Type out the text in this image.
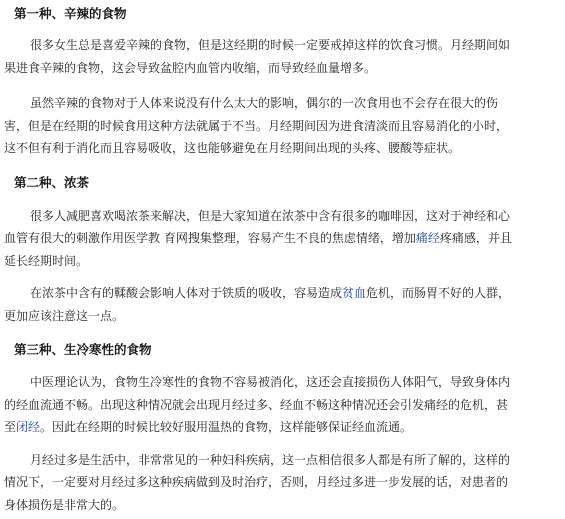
第一种、辛辣的食物

很多女生总是喜爱辛辣的食物，但是这经期的时候一定要戒掉这样的饮食习惯。月经期间如
果进食辛辣的食物，这会导致盆腔内血管内收缩，而导致经血量增多。

虽然辛辣的食物对于人体来说没有什么太大的影响，偶尔的一次食用也不会存在很大的伤
害，但是在经期的时候食用这种方法就属于不当。月经期间因为进食清淡而且容易消化的小时，
这不但有利于消化而且容易吸收，这也能够避免在月经期间出现的头疼、腰酸等症状。

第二种、浓茶

很多人减肥喜欢喝浓茶来解决，但是大家知道在浓茶中含有很多的咖啡因，这对于神经和心
血管有很大的刺激作用医学教 育网搜集整理，容易产生不良的焦虑情绪，增加痛经疼痛感，并且
延长经期时间。

在浓茶中含有的鞣酸会影响人体对于铁质的吸收，容易造成贫血危机，而肠胃不好的人群，
更加应该注意这一点。

第三种、生冷寒性的食物

中医理论认为，食物生冷寒性的食物不容易被消化，这还会直接损伤人体阳气，导致身体内
的经血流通不畅。出现这种情况就会出现月经过多、经血不畅这种情况还会引发痛经的危机，甚
至闭经。因此在经期的时候比较好服用温热的食物，这样能够保证经血流通。

月经过多是生活中，非常常见的一种妇科疾病，这一点相信很多人都是有所了解的，这样的
情况下，一定要对月经过多这种疾病做到及时治疗，否则，月经过多进一步发展的话，对患者的
身体损伤是非常大的。
